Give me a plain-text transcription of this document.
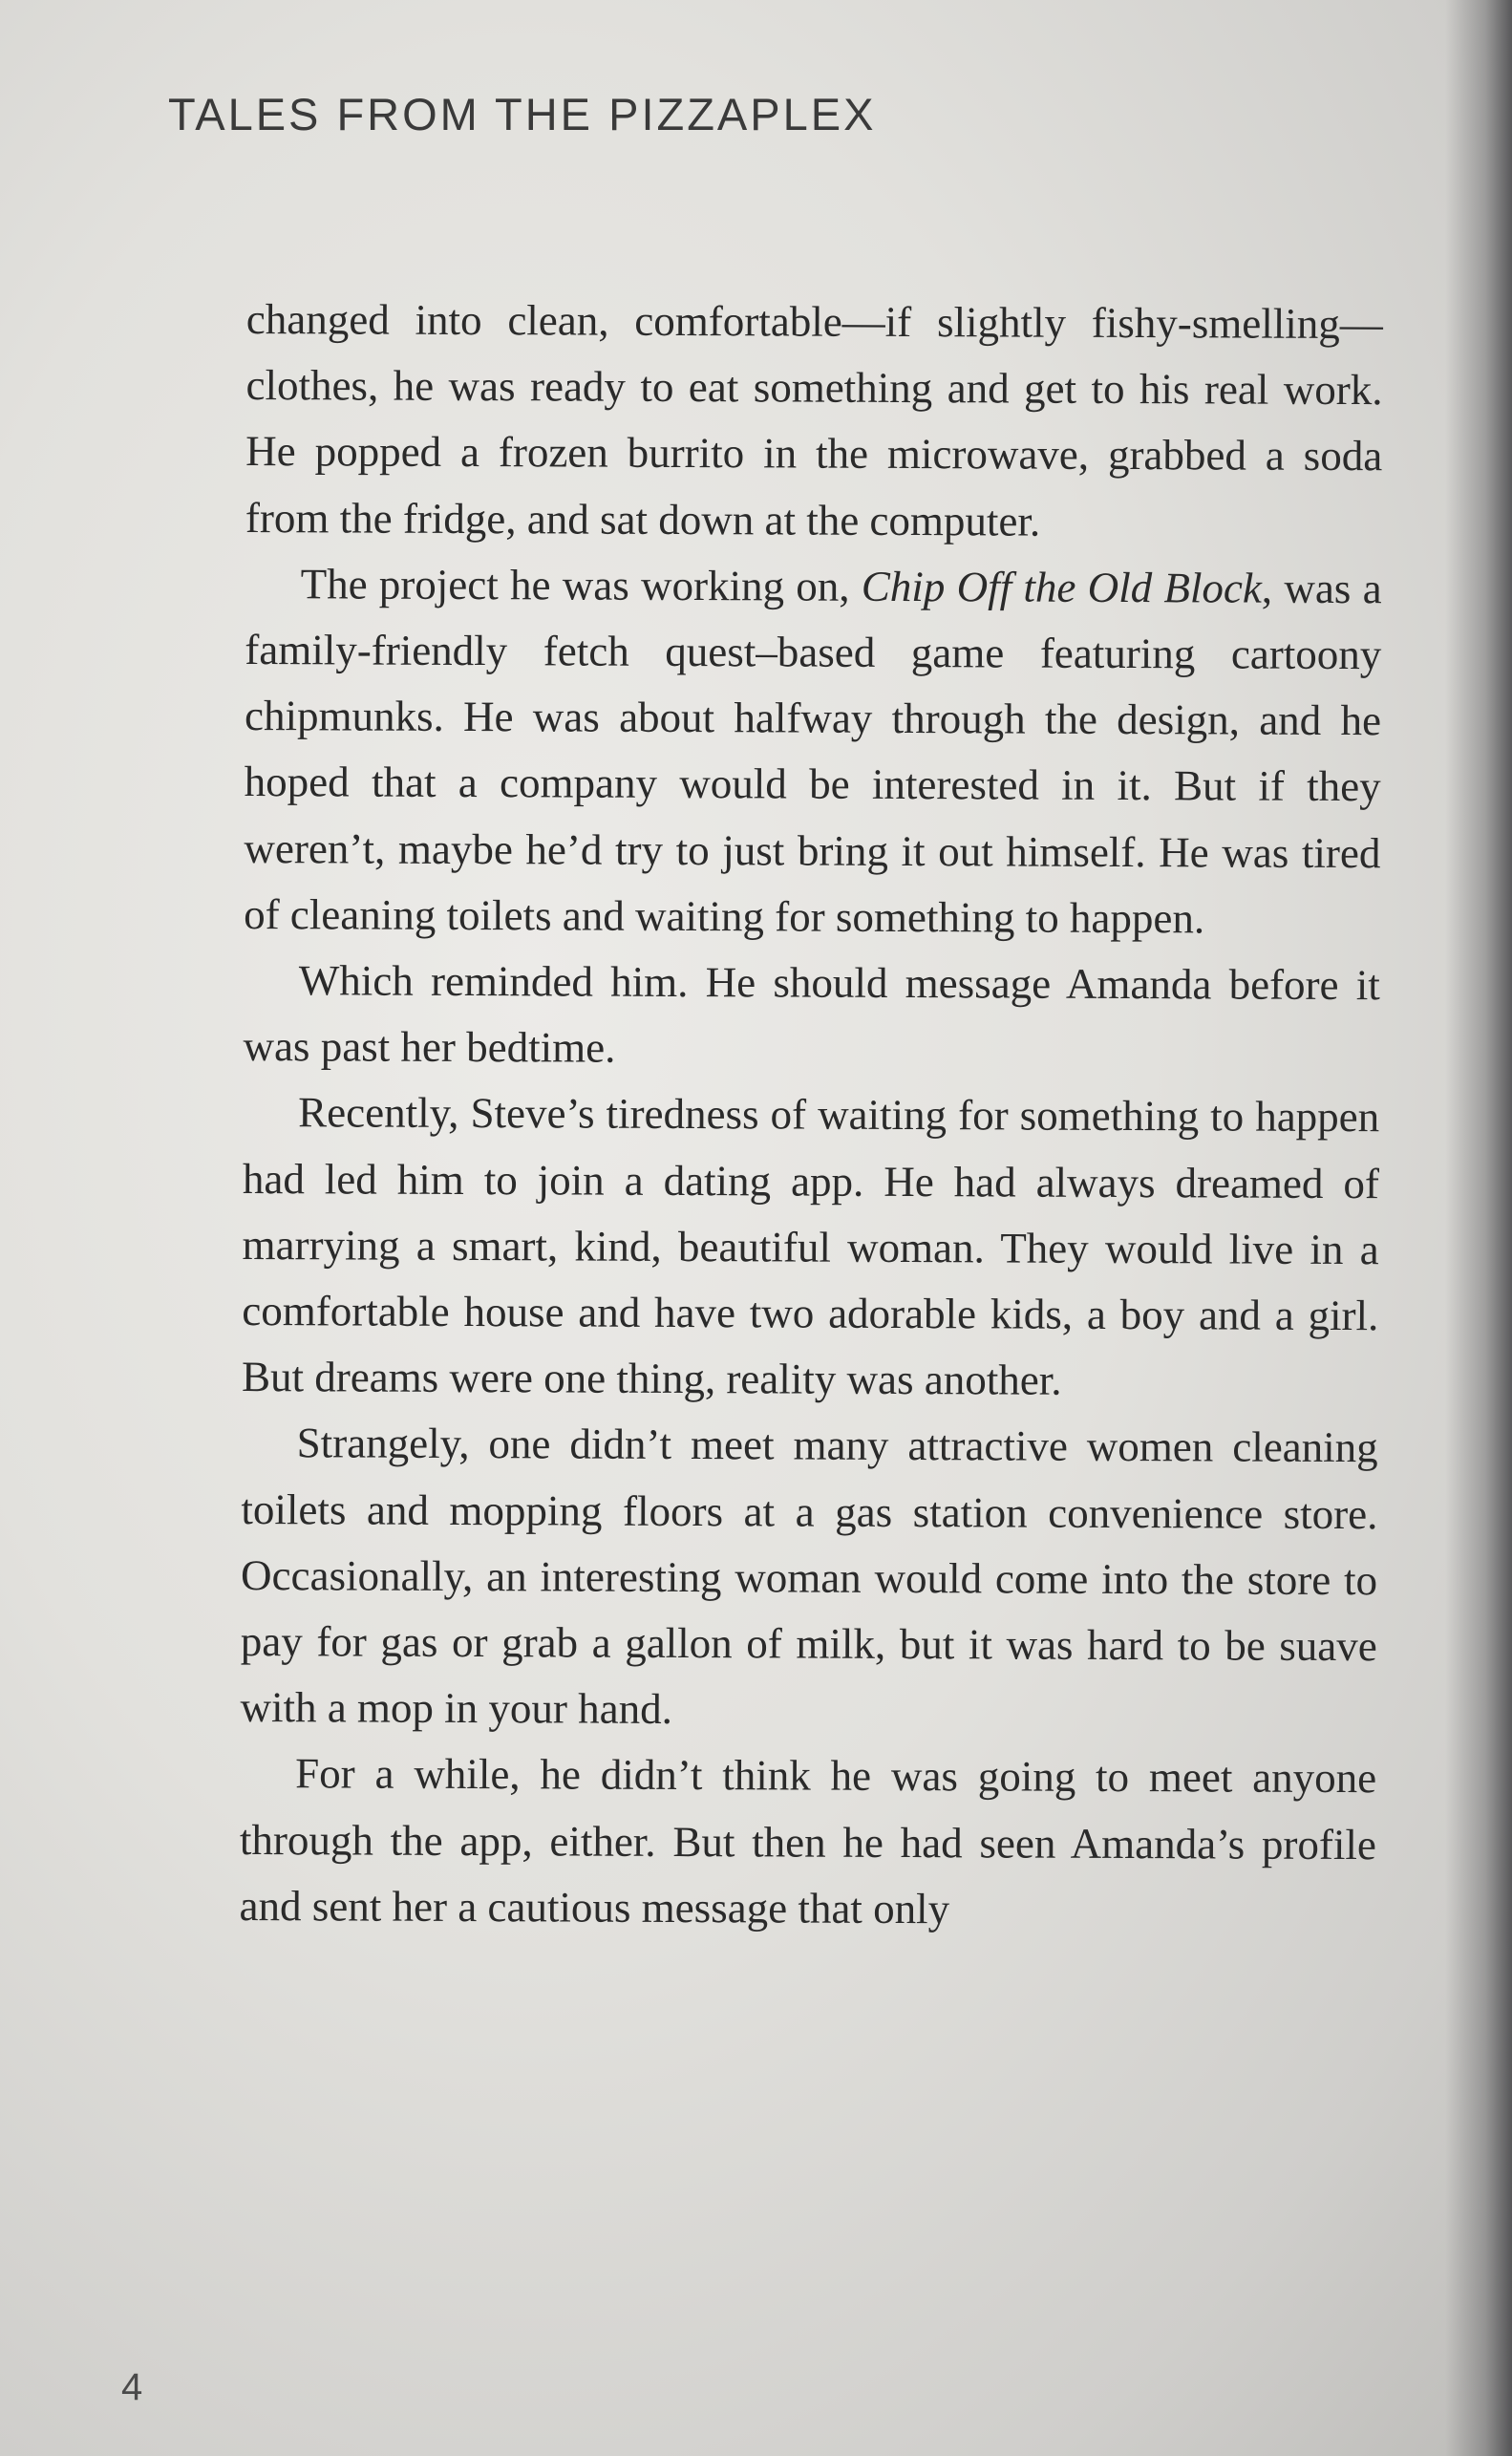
TALES FROM THE PIZZAPLEX

changed into clean, comfortable—if slightly fishy-smelling—clothes, he was ready to eat something and get to his real work. He popped a frozen burrito in the microwave, grabbed a soda from the fridge, and sat down at the computer.

The project he was working on, Chip Off the Old Block, was a family-friendly fetch quest–based game featuring cartoony chipmunks. He was about halfway through the design, and he hoped that a company would be interested in it. But if they weren’t, maybe he’d try to just bring it out himself. He was tired of cleaning toilets and waiting for something to happen.

Which reminded him. He should message Amanda before it was past her bedtime.

Recently, Steve’s tiredness of waiting for something to happen had led him to join a dating app. He had always dreamed of marrying a smart, kind, beautiful woman. They would live in a comfortable house and have two adorable kids, a boy and a girl. But dreams were one thing, reality was another.

Strangely, one didn’t meet many attractive women cleaning toilets and mopping floors at a gas station convenience store. Occasionally, an interesting woman would come into the store to pay for gas or grab a gallon of milk, but it was hard to be suave with a mop in your hand.

For a while, he didn’t think he was going to meet anyone through the app, either. But then he had seen Amanda’s profile and sent her a cautious message that only

4
